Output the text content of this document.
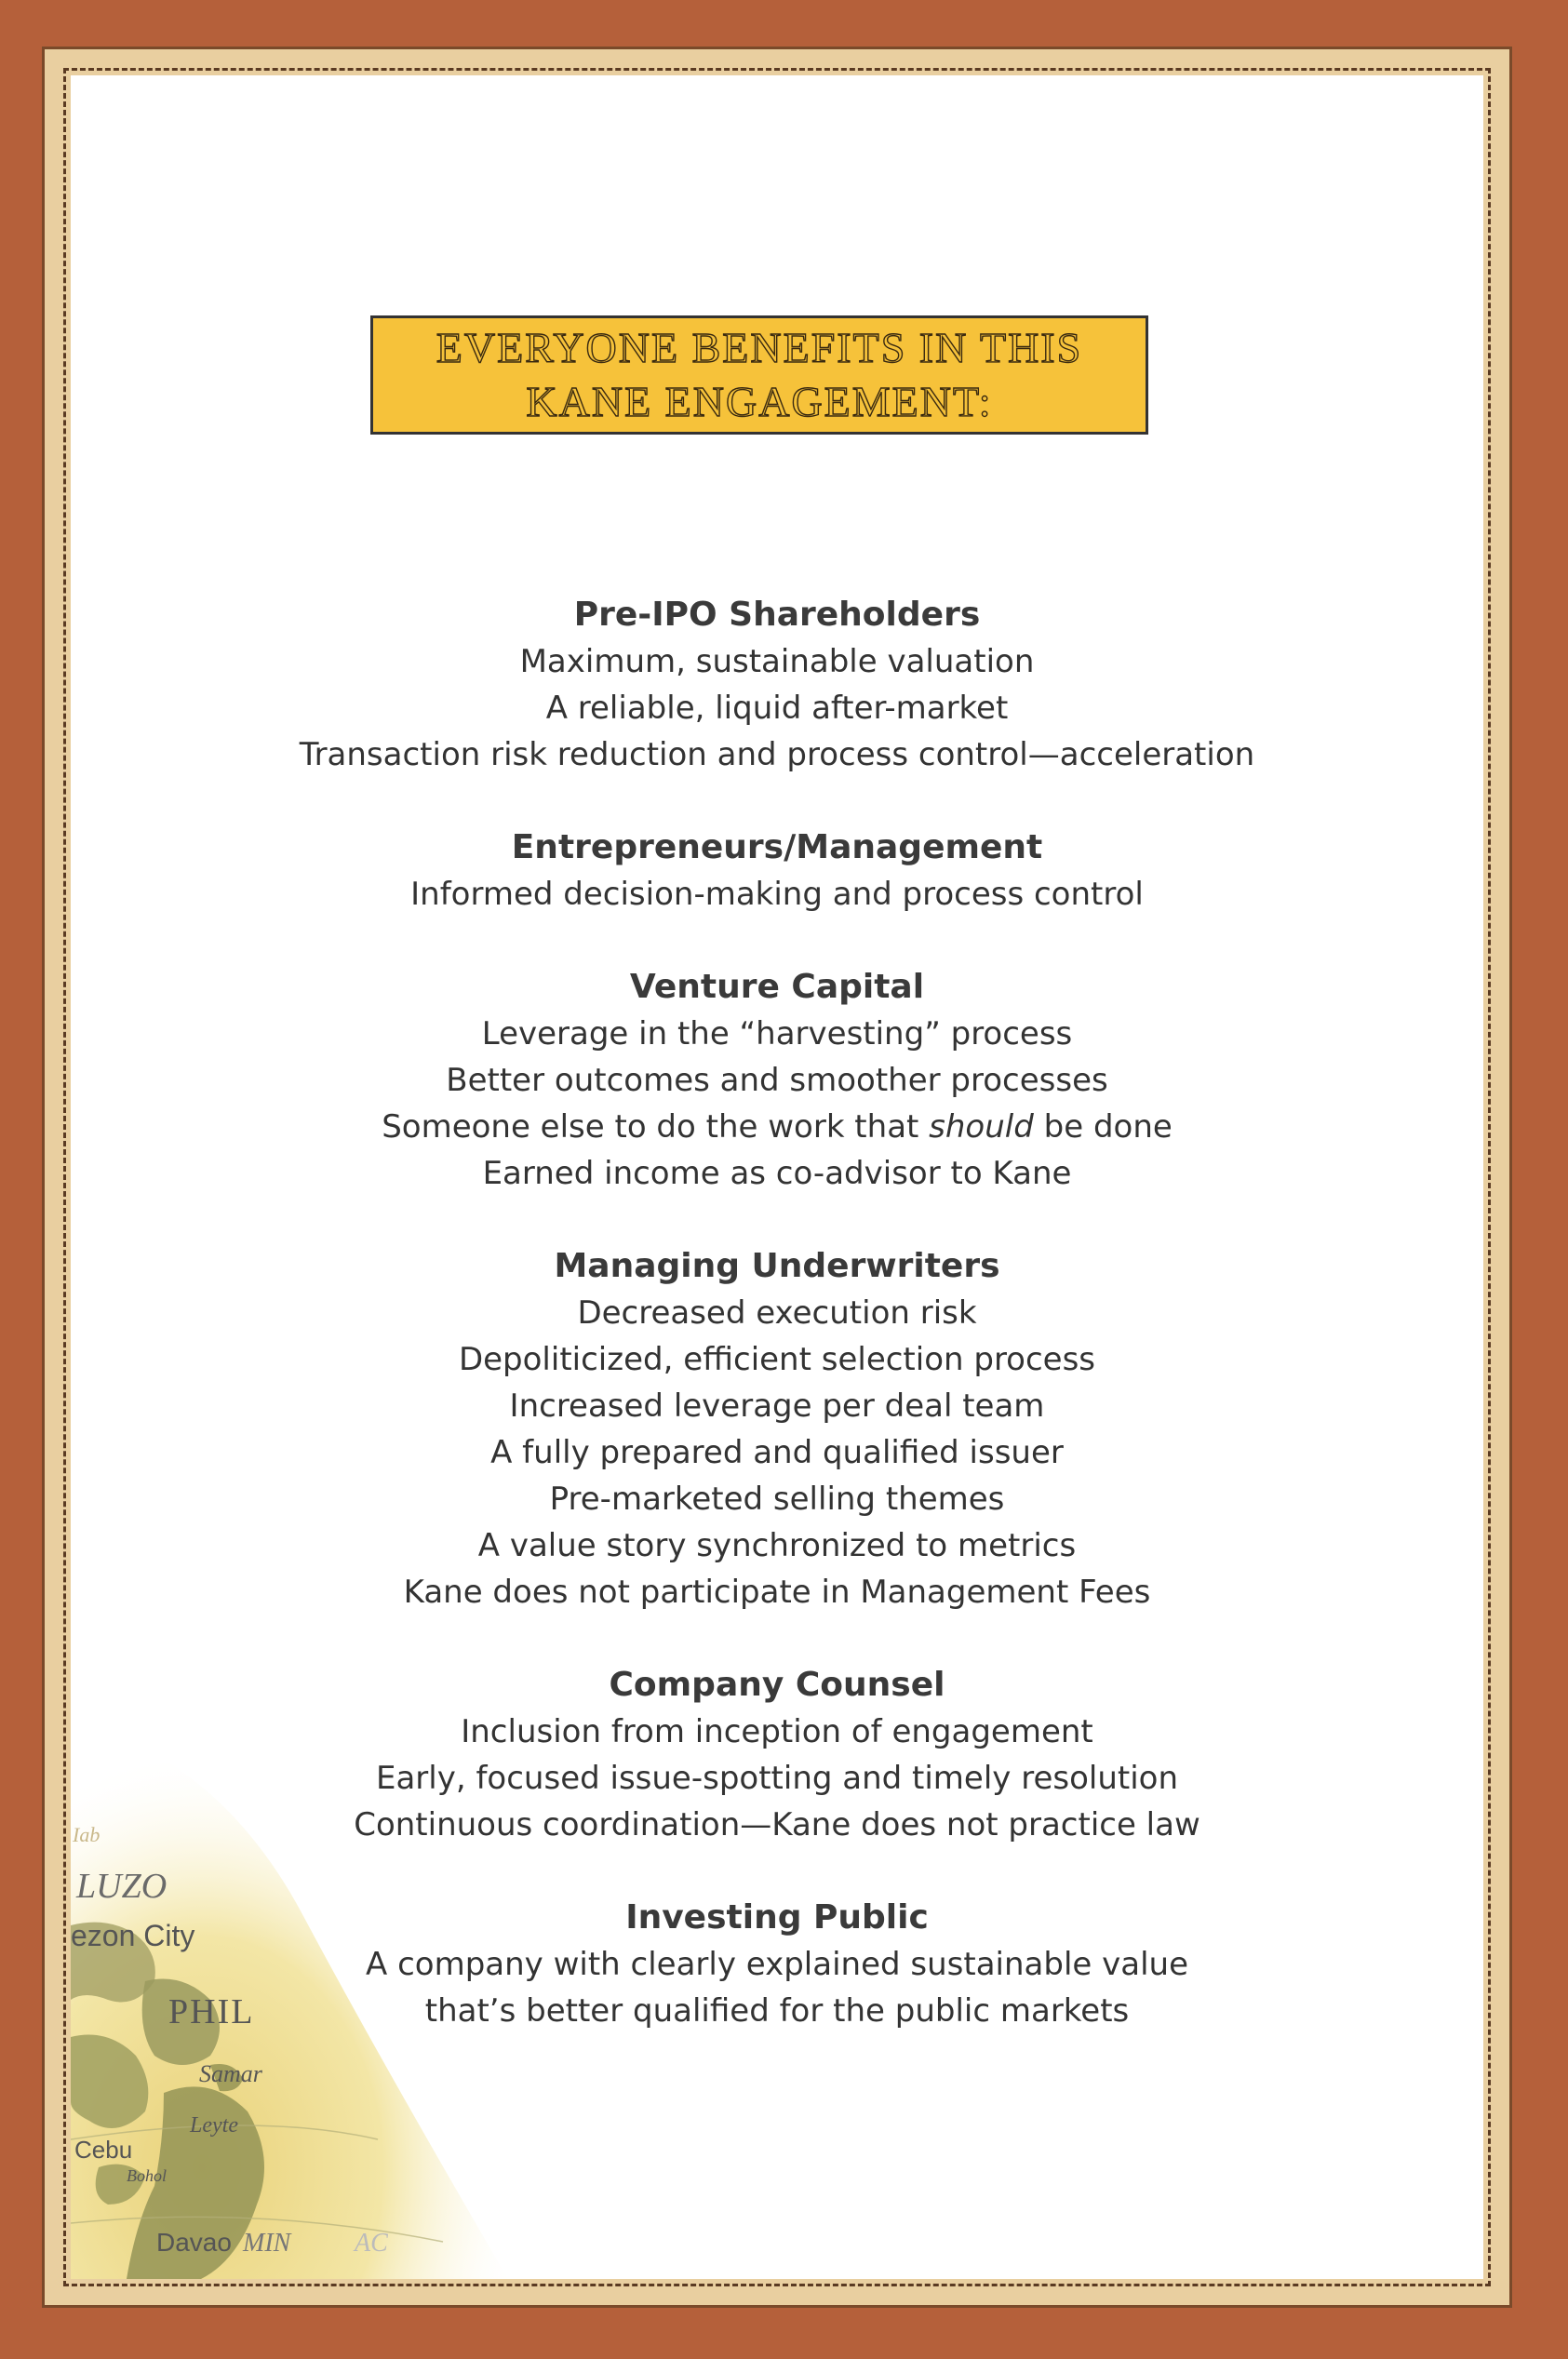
Iab
LUZO
ezon City
PHIL
Samar
Leyte
Cebu
Bohol
Davao MIN AC
EVERYONE BENEFITS IN THIS
KANE ENGAGEMENT:
Pre-IPO Shareholders
Maximum, sustainable valuation
A reliable, liquid after-market
Transaction risk reduction and process control—acceleration
Entrepreneurs/Management
Informed decision-making and process control
Venture Capital
Leverage in the “harvesting” process
Better outcomes and smoother processes
Someone else to do the work that should be done
Earned income as co-advisor to Kane
Managing Underwriters
Decreased execution risk
Depoliticized, efficient selection process
Increased leverage per deal team
A fully prepared and qualified issuer
Pre-marketed selling themes
A value story synchronized to metrics
Kane does not participate in Management Fees
Company Counsel
Inclusion from inception of engagement
Early, focused issue-spotting and timely resolution
Continuous coordination—Kane does not practice law
Investing Public
A company with clearly explained sustainable value
that’s better qualified for the public markets
